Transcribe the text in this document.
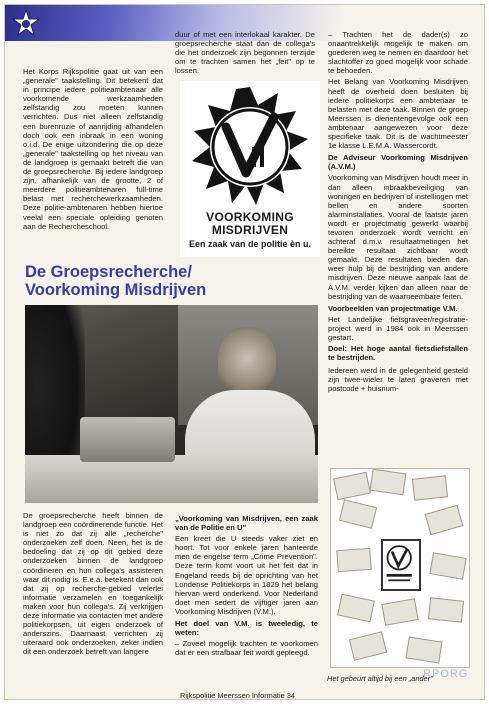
Het Korps Rijkspolitie gaat uit van een „generale" taakstelling. Dit betekent dat in principe iedere politieambtenaar alle voorkomende werkzaamheden zelfstandig zou moeten kunnen verrichten. Dus niet alleen zelfstandig een burenruzie of aanrijding afhandelen doch ook een inbraak in een woning o.i.d. De enige uitzondering die op deze „generale" taakstelling op het niveau van de landgroep is gemaakt betreft die van de groepsrecherche. Bij iedere landgroep zijn, afhankelijk van de grootte, 2 of meerdere politieambtenaren full-time belast met recherchewerkzaamheden. Deze politie-ambtenaren hebben hiertoe veelal een speciale opleiding genoten aan de Rechercheschool.

duur of met een interlokaal karakter. De groepsrecherche staat dan de collega's die het onderzoek zijn begonnen terzijde om te trachten samen het „feit" op te lossen.

VOORKOMING
MISDRIJVEN
Een zaak van de politie èn u.
De Groepsrecherche/
Voorkoming Misdrijven

De groepsrecherche heeft binnen de landgroep een coördinerende functie. Het is niet zo dat zij alle „recherche" onderzoeken zelf doen. Neen, het is de bedoeling dat zij op dit gebied deze onderzoeken binnen de landgroep coördineren en hun collega's assisteren waar dit nodig is. E.e.a. betekent dan ook dat zij op recherche-gebied velerlei informatie verzamelen en toegankelijk maken voor hun collega's. Zij verkrijgen deze informatie via contacten met andere politiekorpsen, uit eigen onderzoek of anderszins. Daarnaast verrichten zij uiteraard ook onderzoeken, zeker indien dit een onderzoek betreft van langere

„Voorkoming van Misdrijven, een zaak van de Politie en U"

Een kreet die U steeds vaker ziet en hoort. Tot voor enkele jaren hanteerde men de engelse term „Crime Prevention". Deze term komt voort uit het feit dat in Engeland reeds bij de oprichting van het Londense Politiekorps in 1829 het belang hiervan werd onderkend. Voor Nederland doet men sedert de vijftiger jaren aan Voorkoming Misdrijven (V.M.).

Het doel van V.M. is tweeledig, te weten:

– Zoveel mogelijk trachten te voorkomen dat er een strafbaar feit wordt gepleegd.

– Trachten het de dader(s) zo onaantrekkelijk mogelijk te maken om goederen weg te nemen en daardoor het slachtoffer zo goed mogelijk voor schade te behoeden.

Het Belang van Voorkoming Misdrijven heeft de overheid doen besluiten bij iedere politiekorps een ambtenaar te belasten met deze taak. Binnen de groep Meerssen is dienentengevolge ook een ambtenaar aangewezen voor deze specifieke taak. Dit is de wachtmeester 1e klasse L.E.M.A. Wassercordt.

De Adviseur Voorkoming Misdrijven (A.V.M.)

Voorkoming van Misdrijven houdt meer in dan alleen inbraakbeveiliging van woningen en bedrijven of instellingen met bellen en andere soorten alarminstallaties. Vooral de laatste jaren wordt er projectmatig gewerkt waarbij tevoren onderzoek wordt verricht en achteraf d.m.v. resultaatmetingen het bereikte resultaat zichtbaar wordt gemaakt. Deze resultaten bieden dan weer hulp bij de bestrijding van andere misdrijven. Deze nieuwe aanpak laat de A.V.M. verder kijken dan alleen naar de bestrijding van de waarneembare feiten.

Voorbeelden van projectmatige V.M.

Het Landelijke fietsgraveer/registratie-project werd in 1984 ook in Meerssen gestart.

Doel: Het hoge aantal fietsdiefstallen te bestrijden.

Iedereen werd in de gelegenheid gesteld zijn twee-wieler te laten graveren met postcode + huisnum-

Het gebeurt altijd bij een „ander"
RPORG
Rijkspolitie Meerssen Informatie 34
